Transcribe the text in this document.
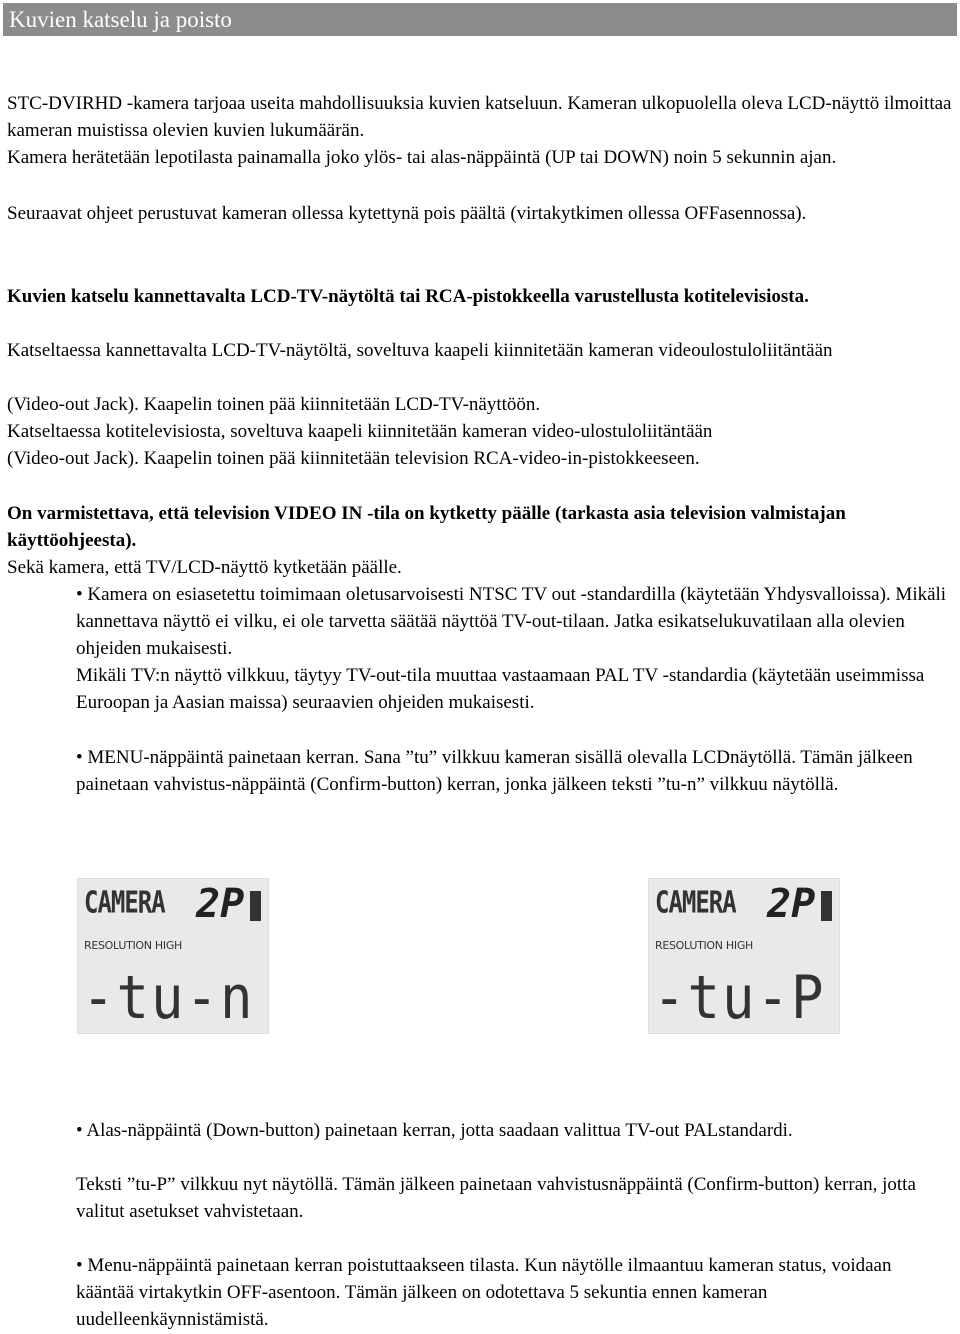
Kuvien katselu ja poisto

STC-DVIRHD -kamera tarjoaa useita mahdollisuuksia kuvien katseluun. Kameran ulkopuolella oleva LCD-näyttö ilmoittaa kameran muistissa olevien kuvien lukumäärän.

Kamera herätetään lepotilasta painamalla joko ylös- tai alas-näppäintä (UP tai DOWN) noin 5 sekunnin ajan.

Seuraavat ohjeet perustuvat kameran ollessa kytettynä pois päältä (virtakytkimen ollessa OFFasennossa).

Kuvien katselu kannettavalta LCD-TV-näytöltä tai RCA-pistokkeella varustellusta kotitelevisiosta.

Katseltaessa kannettavalta LCD-TV-näytöltä, soveltuva kaapeli kiinnitetään kameran videoulostuloliitäntään

(Video-out Jack). Kaapelin toinen pää kiinnitetään LCD-TV-näyttöön.

Katseltaessa kotitelevisiosta, soveltuva kaapeli kiinnitetään kameran video-ulostuloliitäntään

(Video-out Jack). Kaapelin toinen pää kiinnitetään television RCA-video-in-pistokkeeseen.

On varmistettava, että television VIDEO IN -tila on kytketty päälle (tarkasta asia television valmistajan käyttöohjeesta).

Sekä kamera, että TV/LCD-näyttö kytketään päälle.

• Kamera on esiasetettu toimimaan oletusarvoisesti NTSC TV out -standardilla (käytetään Yhdysvalloissa). Mikäli kannettava näyttö ei vilku, ei ole tarvetta säätää näyttöä TV-out-tilaan. Jatka esikatselukuvatilaan alla olevien ohjeiden mukaisesti.

Mikäli TV:n näyttö vilkkuu, täytyy TV-out-tila muuttaa vastaamaan PAL TV -standardia (käytetään useimmissa Euroopan ja Aasian maissa) seuraavien ohjeiden mukaisesti.

• MENU-näppäintä painetaan kerran. Sana ”tu” vilkkuu kameran sisällä olevalla LCDnäytöllä. Tämän jälkeen painetaan vahvistus-näppäintä (Confirm-button) kerran, jonka jälkeen teksti ”tu-n” vilkkuu näytöllä.

CAMERA 2P
RESOLUTION HIGH
-tu-n
CAMERA 2P
RESOLUTION HIGH
-tu-P

• Alas-näppäintä (Down-button) painetaan kerran, jotta saadaan valittua TV-out PALstandardi.

Teksti ”tu-P” vilkkuu nyt näytöllä. Tämän jälkeen painetaan vahvistusnäppäintä (Confirm-button) kerran, jotta valitut asetukset vahvistetaan.

• Menu-näppäintä painetaan kerran poistuttaakseen tilasta. Kun näytölle ilmaantuu kameran status, voidaan kääntää virtakytkin OFF-asentoon. Tämän jälkeen on odotettava 5 sekuntia ennen kameran uudelleenkäynnistämistä.
